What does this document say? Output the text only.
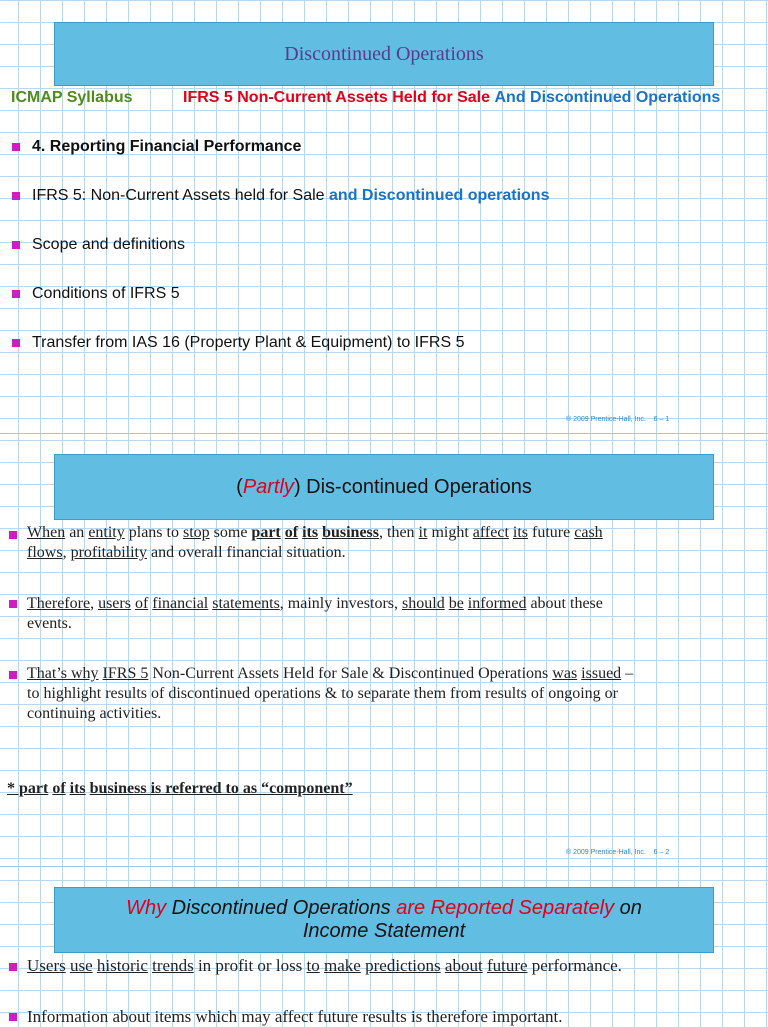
Discontinued Operations
ICMAP Syllabus	IFRS 5 Non-Current Assets Held for Sale And Discontinued Operations
4. Reporting Financial Performance
IFRS 5: Non-Current Assets held for Sale and Discontinued operations
Scope and definitions
Conditions of IFRS 5
Transfer from IAS 16 (Property Plant & Equipment) to IFRS 5
® 2009 Prentice-Hall, Inc.    6 – 1
(Partly) Dis-continued Operations
When an entity plans to stop some part of its business, then it might affect its future cash
flows, profitability and overall financial situation.
Therefore, users of financial statements, mainly investors, should be informed about these
events.
That’s why IFRS 5 Non-Current Assets Held for Sale & Discontinued Operations was issued –
to highlight results of discontinued operations & to separate them from results of ongoing or
continuing activities.
* part of its business is referred to as “component”
® 2009 Prentice-Hall, Inc.    6 – 2
Why Discontinued Operations are Reported Separately on
Income Statement
Users use historic trends in profit or loss to make predictions about future performance.
Information about items which may affect future results is therefore important.
